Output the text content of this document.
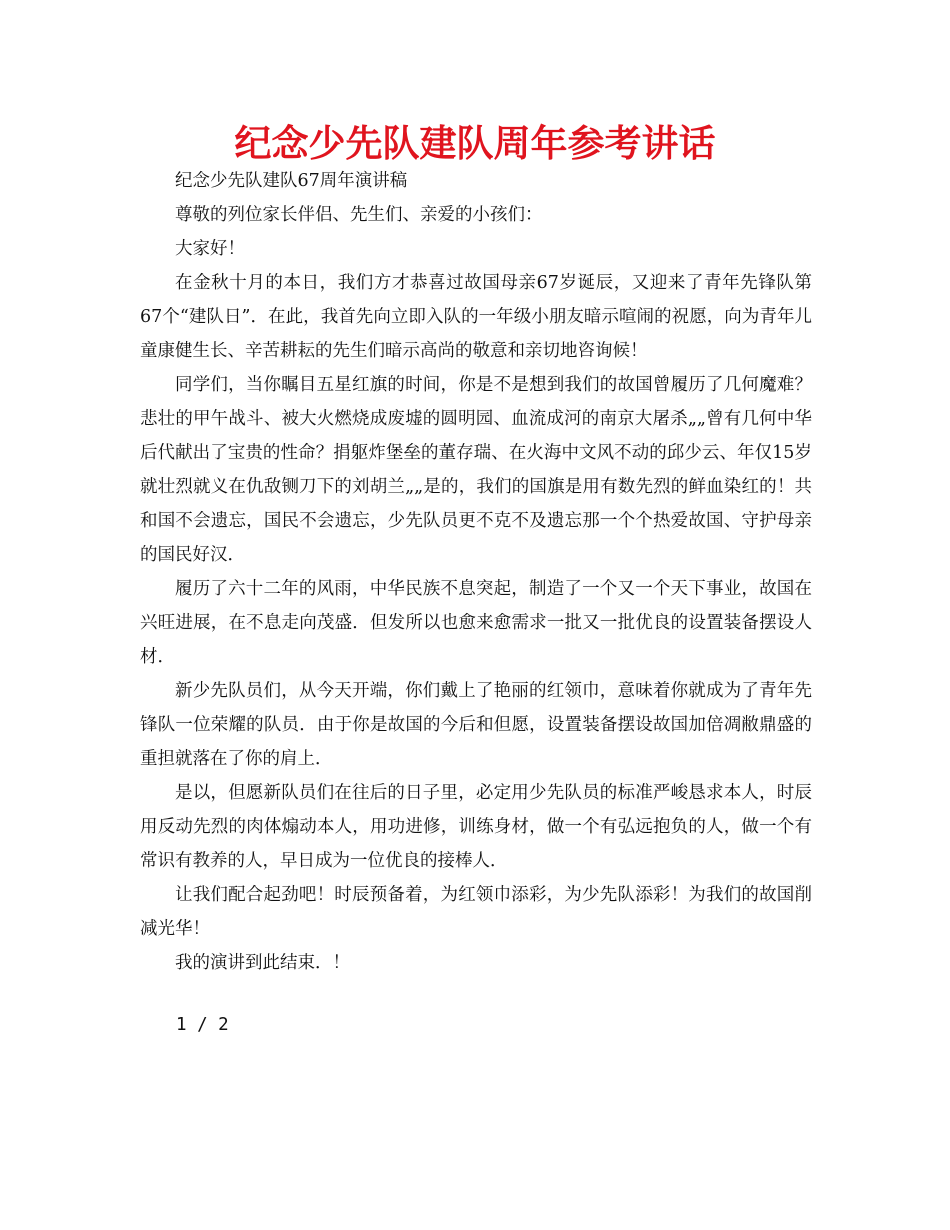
纪念少先队建队周年参考讲话

纪念少先队建队67周年演讲稿

尊敬的列位家长伴侣、先生们、亲爱的小孩们：

大家好！

在金秋十月的本日，我们方才恭喜过故国母亲67岁诞辰，又迎来了青年先锋队第67个“建队日”．在此，我首先向立即入队的一年级小朋友暗示喧闹的祝愿，向为青年儿童康健生长、辛苦耕耘的先生们暗示高尚的敬意和亲切地咨询候！

同学们，当你瞩目五星红旗的时间，你是不是想到我们的故国曾履历了几何魔难？悲壮的甲午战斗、被大火燃烧成废墟的圆明园、血流成河的南京大屠杀„„曾有几何中华后代献出了宝贵的性命？捐躯炸堡垒的董存瑞、在火海中文风不动的邱少云、年仅15岁就壮烈就义在仇敌铡刀下的刘胡兰„„是的，我们的国旗是用有数先烈的鲜血染红的！共和国不会遗忘，国民不会遗忘，少先队员更不克不及遗忘那一个个热爱故国、守护母亲的国民好汉．

履历了六十二年的风雨，中华民族不息突起，制造了一个又一个天下事业，故国在兴旺进展，在不息走向茂盛．但发所以也愈来愈需求一批又一批优良的设置装备摆设人材．

新少先队员们，从今天开端，你们戴上了艳丽的红领巾，意味着你就成为了青年先锋队一位荣耀的队员．由于你是故国的今后和但愿，设置装备摆设故国加倍凋敝鼎盛的重担就落在了你的肩上．

是以，但愿新队员们在往后的日子里，必定用少先队员的标准严峻恳求本人，时辰用反动先烈的肉体煽动本人，用功进修，训练身材，做一个有弘远抱负的人，做一个有常识有教养的人，早日成为一位优良的接棒人．

让我们配合起劲吧！时辰预备着，为红领巾添彩，为少先队添彩！为我们的故国削减光华！

我的演讲到此结束．！

1 / 2
